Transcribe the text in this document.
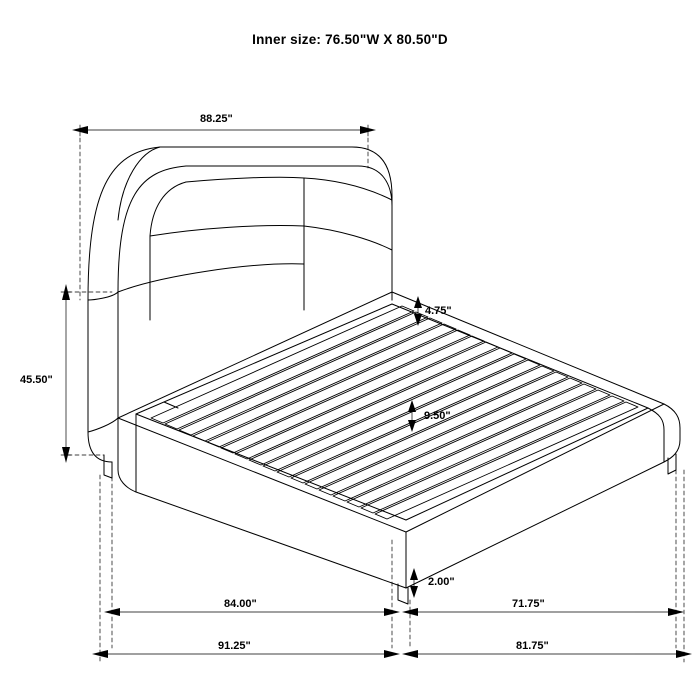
Inner size: 76.50"W X 80.50"D
88.25"
45.50"
4.75"
9.50"
2.00"
84.00"	71.75"
91.25"	81.75"
